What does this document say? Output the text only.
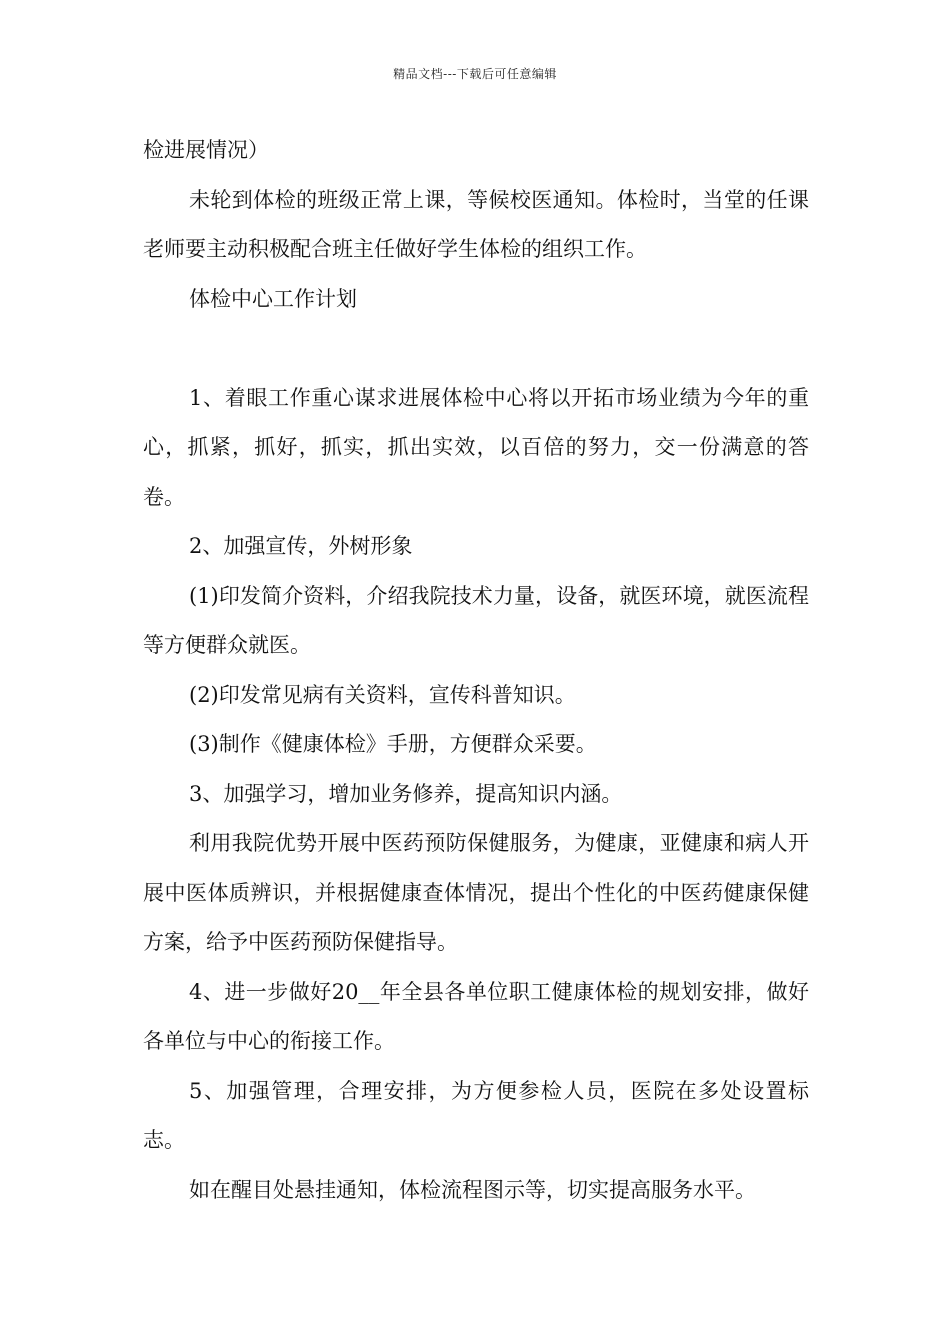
精品文档---下载后可任意编辑

检进展情况）

未轮到体检的班级正常上课，等候校医通知。体检时，当堂的任课老师要主动积极配合班主任做好学生体检的组织工作。

体检中心工作计划

1、着眼工作重心谋求进展体检中心将以开拓市场业绩为今年的重心，抓紧，抓好，抓实，抓出实效，以百倍的努力，交一份满意的答卷。

2、加强宣传，外树形象

(1)印发简介资料，介绍我院技术力量，设备，就医环境，就医流程等方便群众就医。

(2)印发常见病有关资料，宣传科普知识。

(3)制作《健康体检》手册，方便群众采要。

3、加强学习，增加业务修养，提高知识内涵。

利用我院优势开展中医药预防保健服务，为健康，亚健康和病人开展中医体质辨识，并根据健康查体情况，提出个性化的中医药健康保健方案，给予中医药预防保健指导。

4、进一步做好20__年全县各单位职工健康体检的规划安排，做好各单位与中心的衔接工作。

5、加强管理，合理安排，为方便参检人员，医院在多处设置标志。

如在醒目处悬挂通知，体检流程图示等，切实提高服务水平。
